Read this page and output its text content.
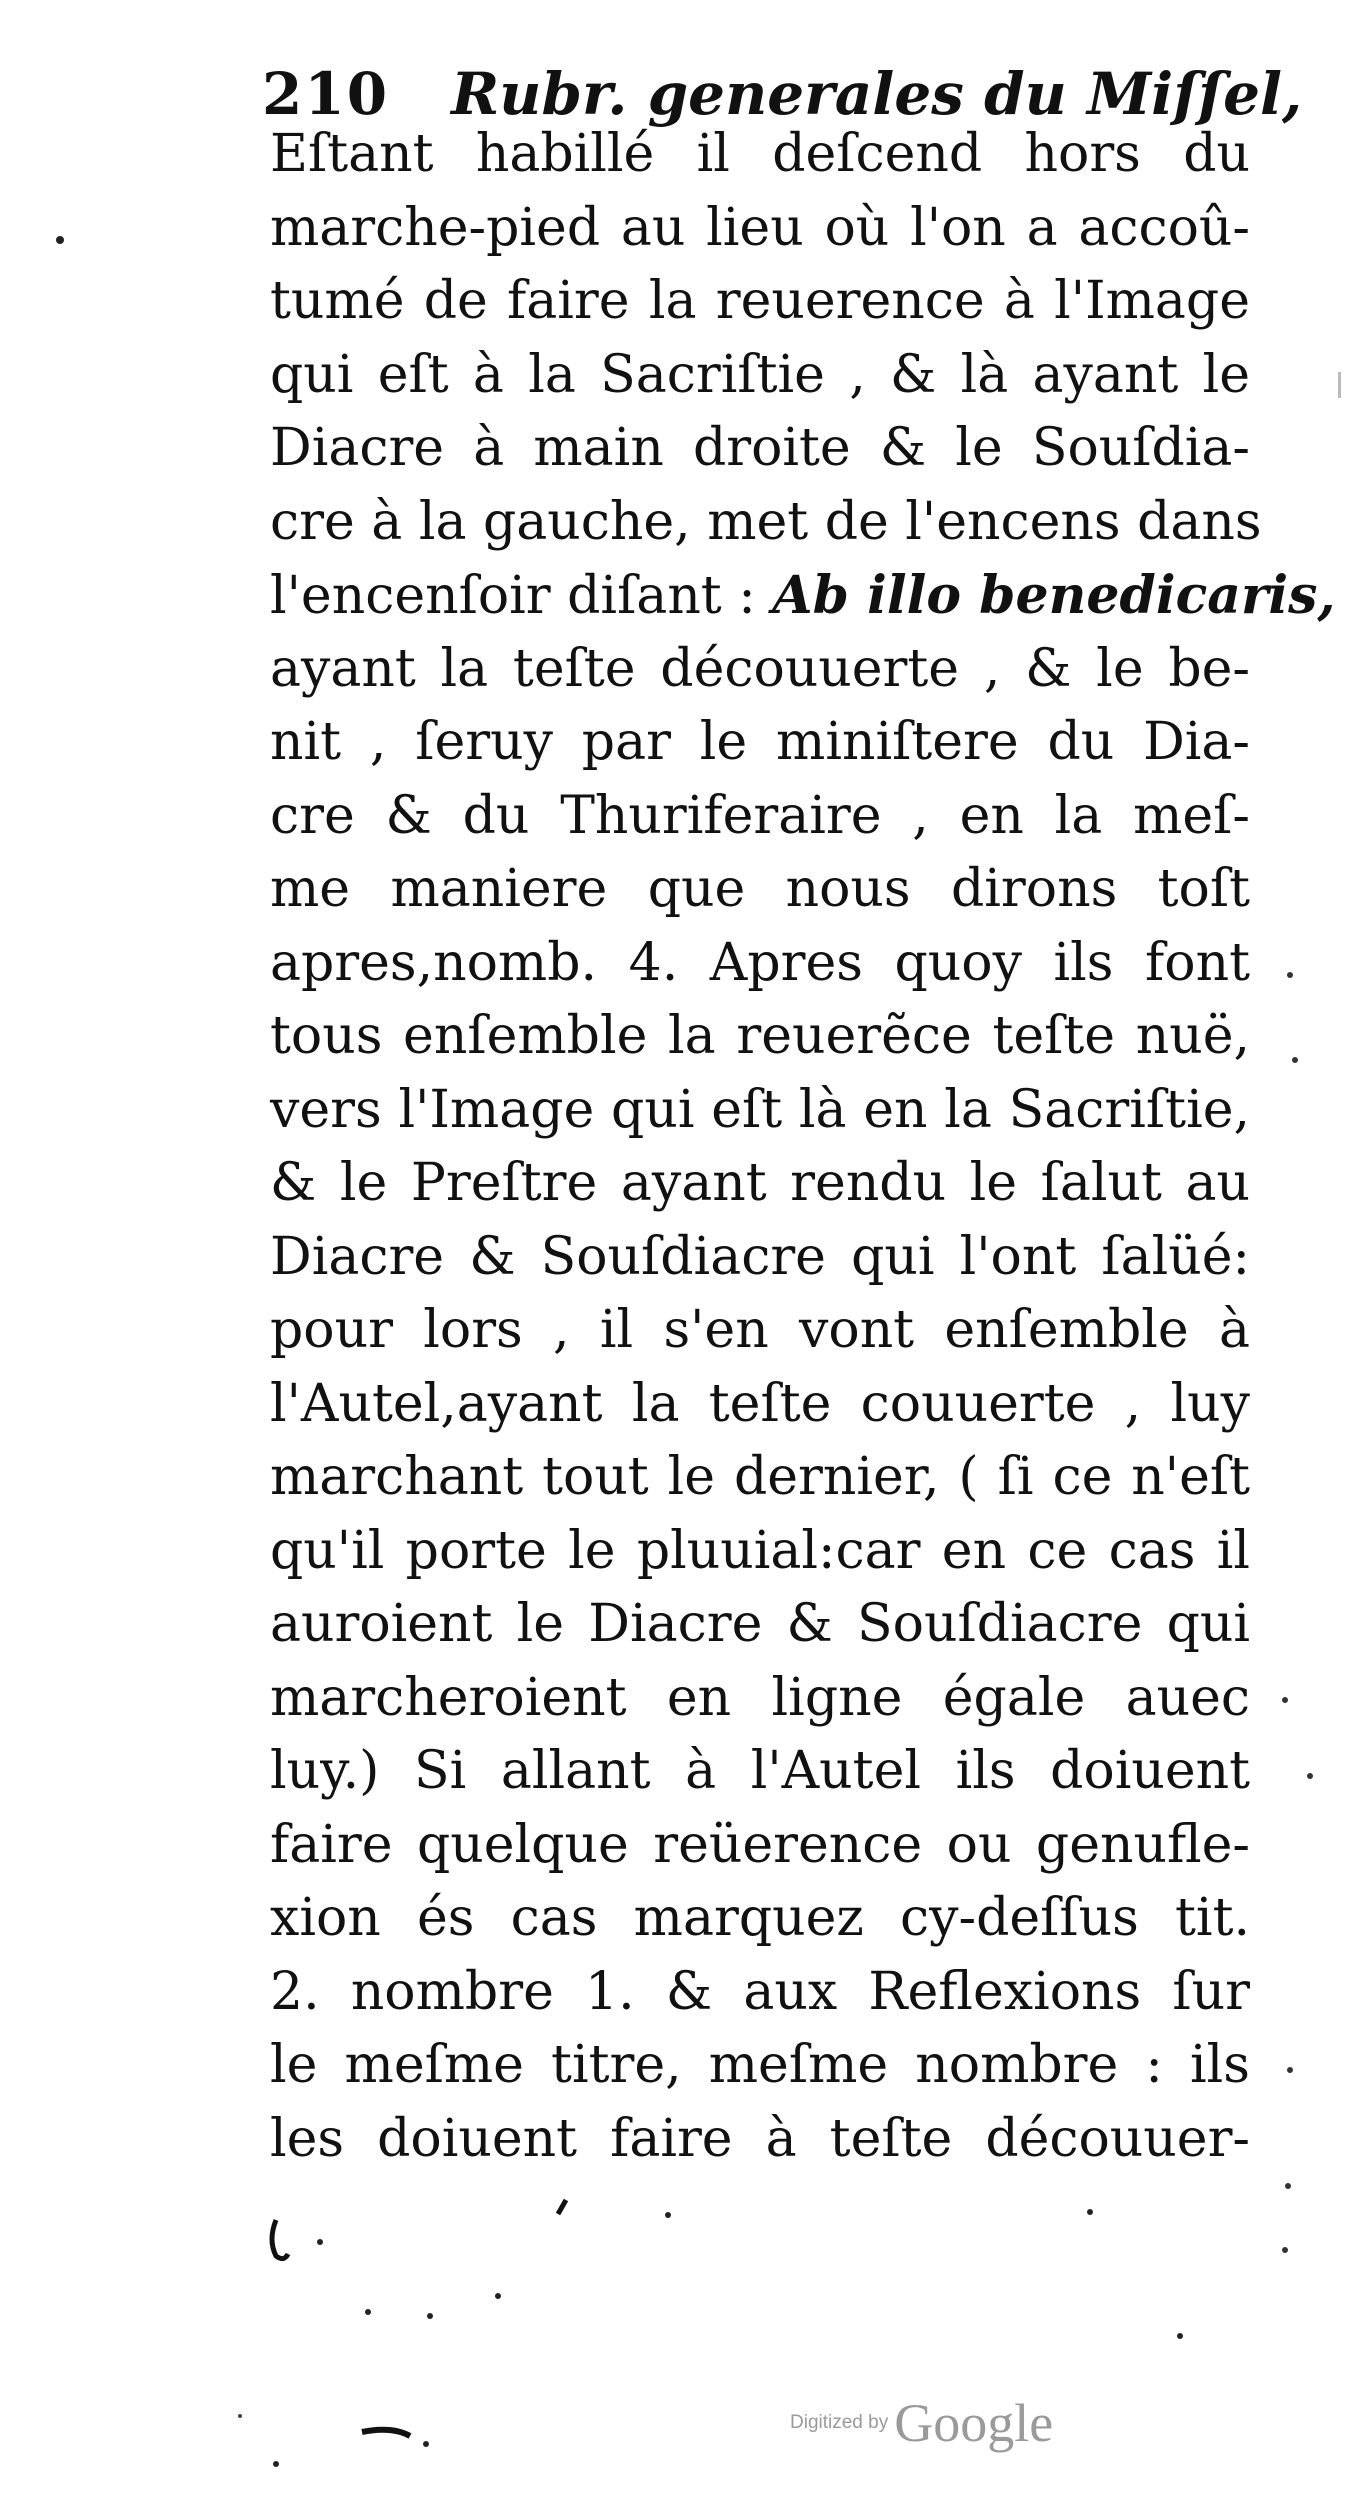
210 Rubr. generales du Miſſel,
Eſtant habillé il deſcend hors du
marche-pied au lieu où l'on a accoû-
tumé de faire la reuerence à l'Image
qui eſt à la Sacriſtie , & là ayant le
Diacre à main droite & le Souſdia-
cre à la gauche, met de l'encens dans
l'encenſoir diſant : Ab illo benedicaris,
ayant la teſte découuerte , & le be-
nit , ſeruy par le miniſtere du Dia-
cre & du Thuriferaire , en la meſ-
me maniere que nous dirons toſt
apres,nomb. 4. Apres quoy ils font
tous enſemble la reuerẽce teſte nuë,
vers l'Image qui eſt là en la Sacriſtie,
& le Preſtre ayant rendu le ſalut au
Diacre & Souſdiacre qui l'ont ſalüé:
pour lors , il s'en vont enſemble à
l'Autel,ayant la teſte couuerte , luy
marchant tout le dernier, ( ſi ce n'eſt
qu'il porte le pluuial:car en ce cas il
auroient le Diacre & Souſdiacre qui
marcheroient en ligne égale auec
luy.) Si allant à l'Autel ils doiuent
faire quelque reüerence ou genufle-
xion és cas marquez cy-deſſus tit.
2. nombre 1. & aux Reflexions ſur
le meſme titre, meſme nombre : ils
les doiuent faire à teſte découuer-
Digitized by Google
